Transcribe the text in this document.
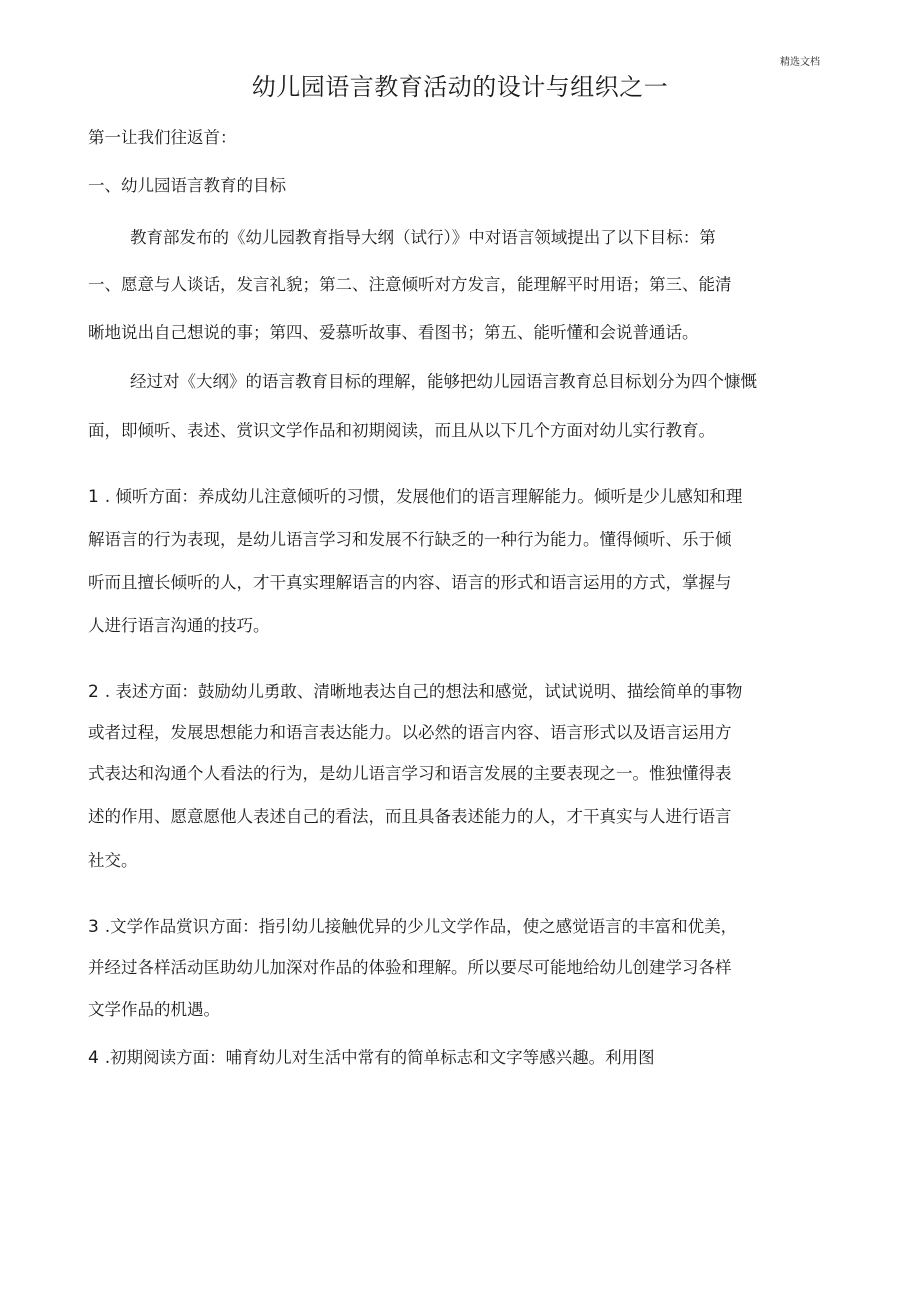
精选文档
幼儿园语言教育活动的设计与组织之一
第一让我们往返首：
一、幼儿园语言教育的目标
教育部发布的《幼儿园教育指导大纲（试行）》中对语言领域提出了以下目标：第
一、愿意与人谈话，发言礼貌；第二、注意倾听对方发言，能理解平时用语；第三、能清
晰地说出自己想说的事；第四、爱慕听故事、看图书；第五、能听懂和会说普通话。
经过对《大纲》的语言教育目标的理解，能够把幼儿园语言教育总目标划分为四个慷慨
面，即倾听、表述、赏识文学作品和初期阅读，而且从以下几个方面对幼儿实行教育。
1 . 倾听方面：养成幼儿注意倾听的习惯，发展他们的语言理解能力。倾听是少儿感知和理
解语言的行为表现，是幼儿语言学习和发展不行缺乏的一种行为能力。懂得倾听、乐于倾
听而且擅长倾听的人，才干真实理解语言的内容、语言的形式和语言运用的方式，掌握与
人进行语言沟通的技巧。
2 . 表述方面：鼓励幼儿勇敢、清晰地表达自己的想法和感觉，试试说明、描绘简单的事物
或者过程，发展思想能力和语言表达能力。以必然的语言内容、语言形式以及语言运用方
式表达和沟通个人看法的行为，是幼儿语言学习和语言发展的主要表现之一。惟独懂得表
述的作用、愿意愿他人表述自己的看法，而且具备表述能力的人，才干真实与人进行语言
社交。
3 .文学作品赏识方面：指引幼儿接触优异的少儿文学作品，使之感觉语言的丰富和优美，
并经过各样活动匡助幼儿加深对作品的体验和理解。所以要尽可能地给幼儿创建学习各样
文学作品的机遇。
4 .初期阅读方面：哺育幼儿对生活中常有的简单标志和文字等感兴趣。利用图
